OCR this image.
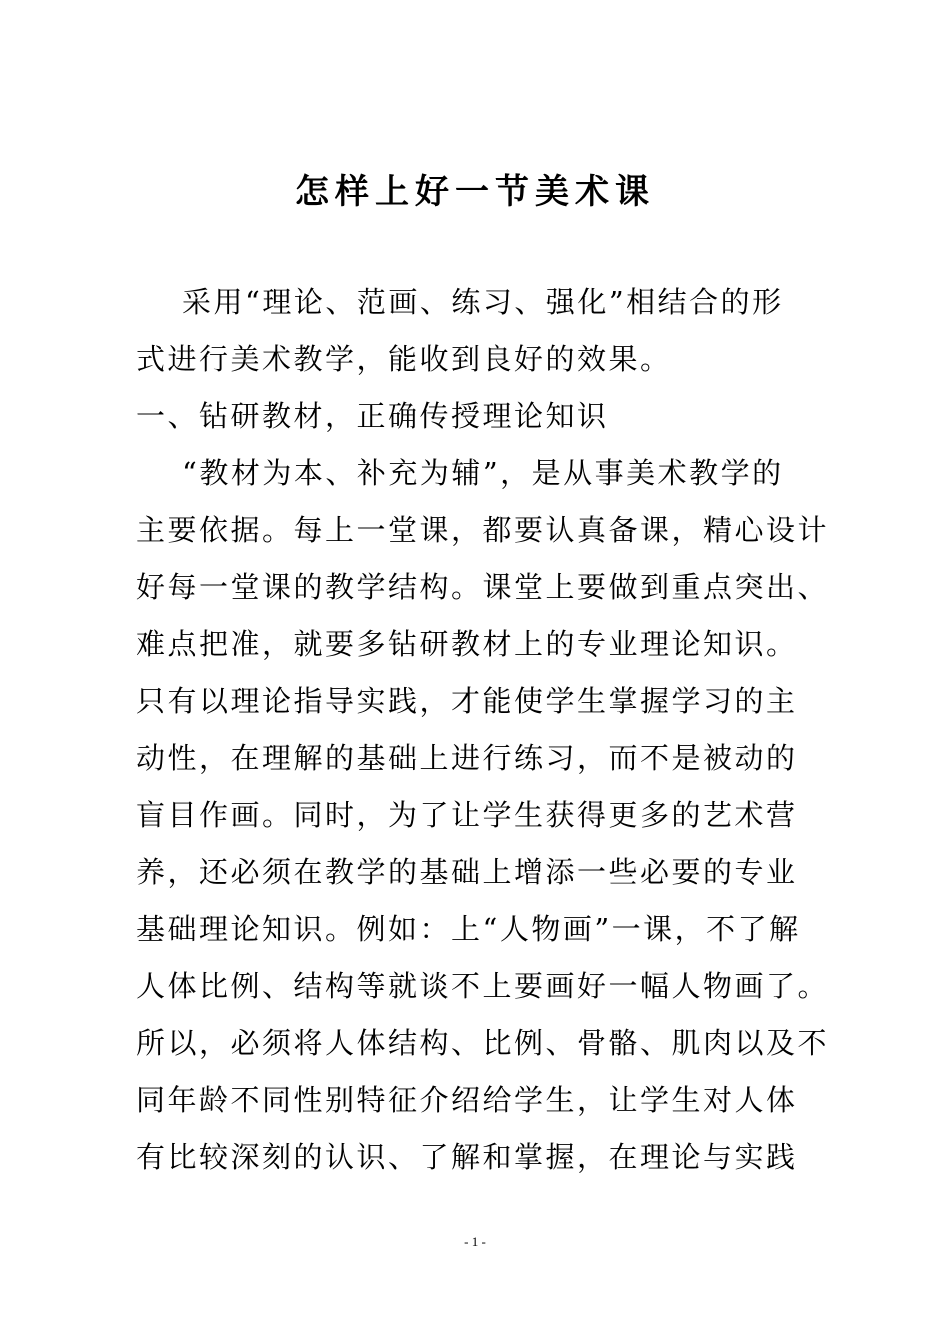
怎样上好一节美术课

采用“理论、范画、练习、强化”相结合的形

式进行美术教学，能收到良好的效果。

一、钻研教材，正确传授理论知识

“教材为本、补充为辅”，是从事美术教学的

主要依据。每上一堂课，都要认真备课，精心设计

好每一堂课的教学结构。课堂上要做到重点突出、

难点把准，就要多钻研教材上的专业理论知识。

只有以理论指导实践，才能使学生掌握学习的主

动性，在理解的基础上进行练习，而不是被动的

盲目作画。同时，为了让学生获得更多的艺术营

养，还必须在教学的基础上增添一些必要的专业

基础理论知识。例如：上“人物画”一课，不了解

人体比例、结构等就谈不上要画好一幅人物画了。

所以，必须将人体结构、比例、骨骼、肌肉以及不

同年龄不同性别特征介绍给学生，让学生对人体

有比较深刻的认识、了解和掌握，在理论与实践

- 1 -
